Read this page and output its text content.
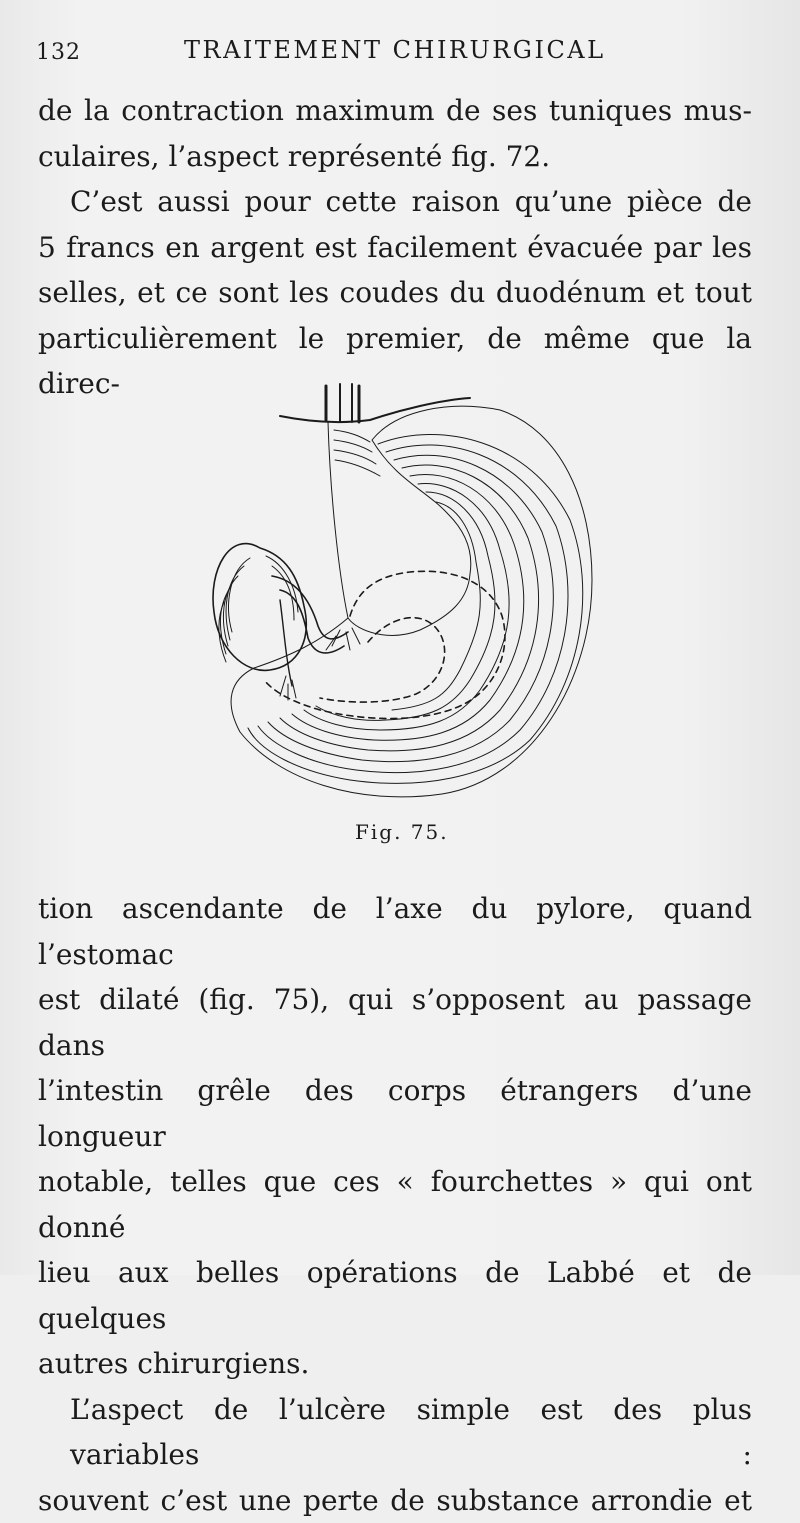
132	TRAITEMENT CHIRURGICAL
de la contraction maximum de ses tuniques mus-
culaires, l’aspect représenté fig. 72.
C’est aussi pour cette raison qu’une pièce de
5 francs en argent est facilement évacuée par les
selles, et ce sont les coudes du duodénum et tout
particulièrement le premier, de même que la direc-
Fig. 75.
tion ascendante de l’axe du pylore, quand l’estomac
est dilaté (fig. 75), qui s’opposent au passage dans
l’intestin grêle des corps étrangers d’une longueur
notable, telles que ces « fourchettes » qui ont donné
lieu aux belles opérations de Labbé et de quelques
autres chirurgiens.
L’aspect de l’ulcère simple est des plus variables :
souvent c’est une perte de substance arrondie et
